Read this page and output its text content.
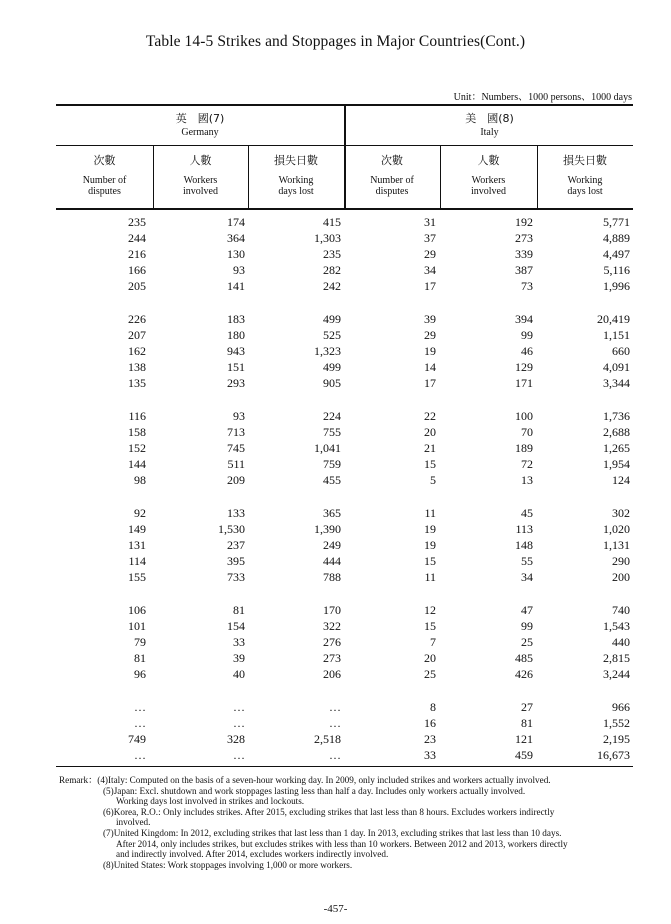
Table 14-5 Strikes and Stoppages in Major Countries(Cont.)
Unit：Numbers、1000 persons、1000 days
英　國(7)
Germany
美　國(8)
Italy
次數
Number of
disputes
人數
Workers
involved
損失日數
Working
days lost
次數
Number of
disputes
人數
Workers
involved
損失日數
Working
days lost
235	174	415	31	192	5,771
244	364	1,303	37	273	4,889
216	130	235	29	339	4,497
166	93	282	34	387	5,116
205	141	242	17	73	1,996
226	183	499	39	394	20,419
207	180	525	29	99	1,151
162	943	1,323	19	46	660
138	151	499	14	129	4,091
135	293	905	17	171	3,344
116	93	224	22	100	1,736
158	713	755	20	70	2,688
152	745	1,041	21	189	1,265
144	511	759	15	72	1,954
98	209	455	5	13	124
92	133	365	11	45	302
149	1,530	1,390	19	113	1,020
131	237	249	19	148	1,131
114	395	444	15	55	290
155	733	788	11	34	200
106	81	170	12	47	740
101	154	322	15	99	1,543
79	33	276	7	25	440
81	39	273	20	485	2,815
96	40	206	25	426	3,244
…	…	…	8	27	966
…	…	…	16	81	1,552
749	328	2,518	23	121	2,195
…	…	…	33	459	16,673
Remark：(4)Italy: Computed on the basis of a seven-hour working day. In 2009, only included strikes and workers actually involved.
(5)Japan: Excl. shutdown and work stoppages lasting less than half a day. Includes only workers actually involved.
Working days lost involved in strikes and lockouts.
(6)Korea, R.O.: Only includes strikes. After 2015, excluding strikes that last less than 8 hours. Excludes workers indirectly
involved.
(7)United Kingdom: In 2012, excluding strikes that last less than 1 day. In 2013, excluding strikes that last less than 10 days.
After 2014, only includes strikes, but excludes strikes with less than 10 workers. Between 2012 and 2013, workers directly
and indirectly involved. After 2014, excludes workers indirectly involved.
(8)United States: Work stoppages involving 1,000 or more workers.
-457-
